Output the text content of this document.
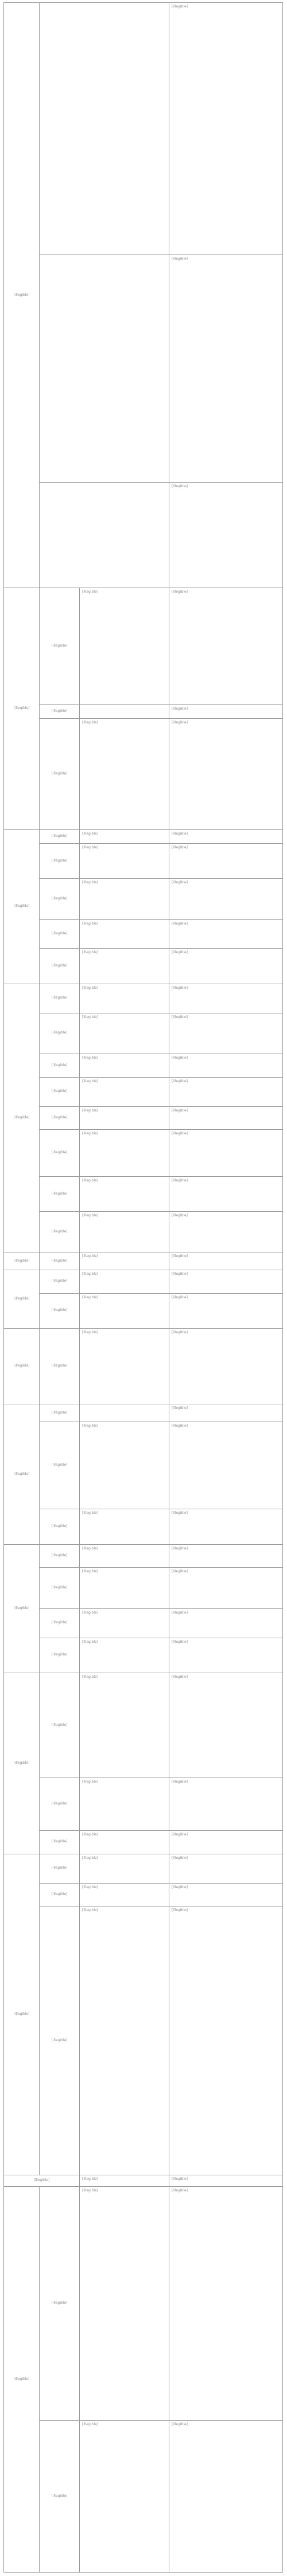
[illegible]			[illegible]
			[illegible]
			[illegible]
[illegible]	[illegible]	[illegible]	[illegible]
	[illegible]		[illegible]
	[illegible]	[illegible]	[illegible]
[illegible]	[illegible]	[illegible]	[illegible]
	[illegible]	[illegible]	[illegible]
	[illegible]	[illegible]	[illegible]
	[illegible]	[illegible]	[illegible]
	[illegible]	[illegible]	[illegible]
[illegible]	[illegible]	[illegible]	[illegible]
	[illegible]	[illegible]	[illegible]
	[illegible]	[illegible]	[illegible]
	[illegible]	[illegible]	[illegible]
	[illegible]	[illegible]	[illegible]
	[illegible]	[illegible]	[illegible]
	[illegible]	[illegible]	[illegible]
	[illegible]	[illegible]	[illegible]
[illegible]	[illegible]	[illegible]	[illegible]
[illegible]	[illegible]	[illegible]	[illegible]
	[illegible]	[illegible]	[illegible]
[illegible]	[illegible]	[illegible]	[illegible]
[illegible]	[illegible]		[illegible]
	[illegible]	[illegible]	[illegible]
	[illegible]	[illegible]	[illegible]
[illegible]	[illegible]	[illegible]	[illegible]
	[illegible]	[illegible]	[illegible]
	[illegible]	[illegible]	[illegible]
	[illegible]	[illegible]	[illegible]
[illegible]	[illegible]	[illegible]	[illegible]
	[illegible]	[illegible]	[illegible]
	[illegible]	[illegible]	[illegible]
[illegible]	[illegible]	[illegible]	[illegible]
	[illegible]	[illegible]	[illegible]
	[illegible]	[illegible]	[illegible]
[illegible]		[illegible]	[illegible]
[illegible]	[illegible]	[illegible]	[illegible]
	[illegible]	[illegible]	[illegible]
